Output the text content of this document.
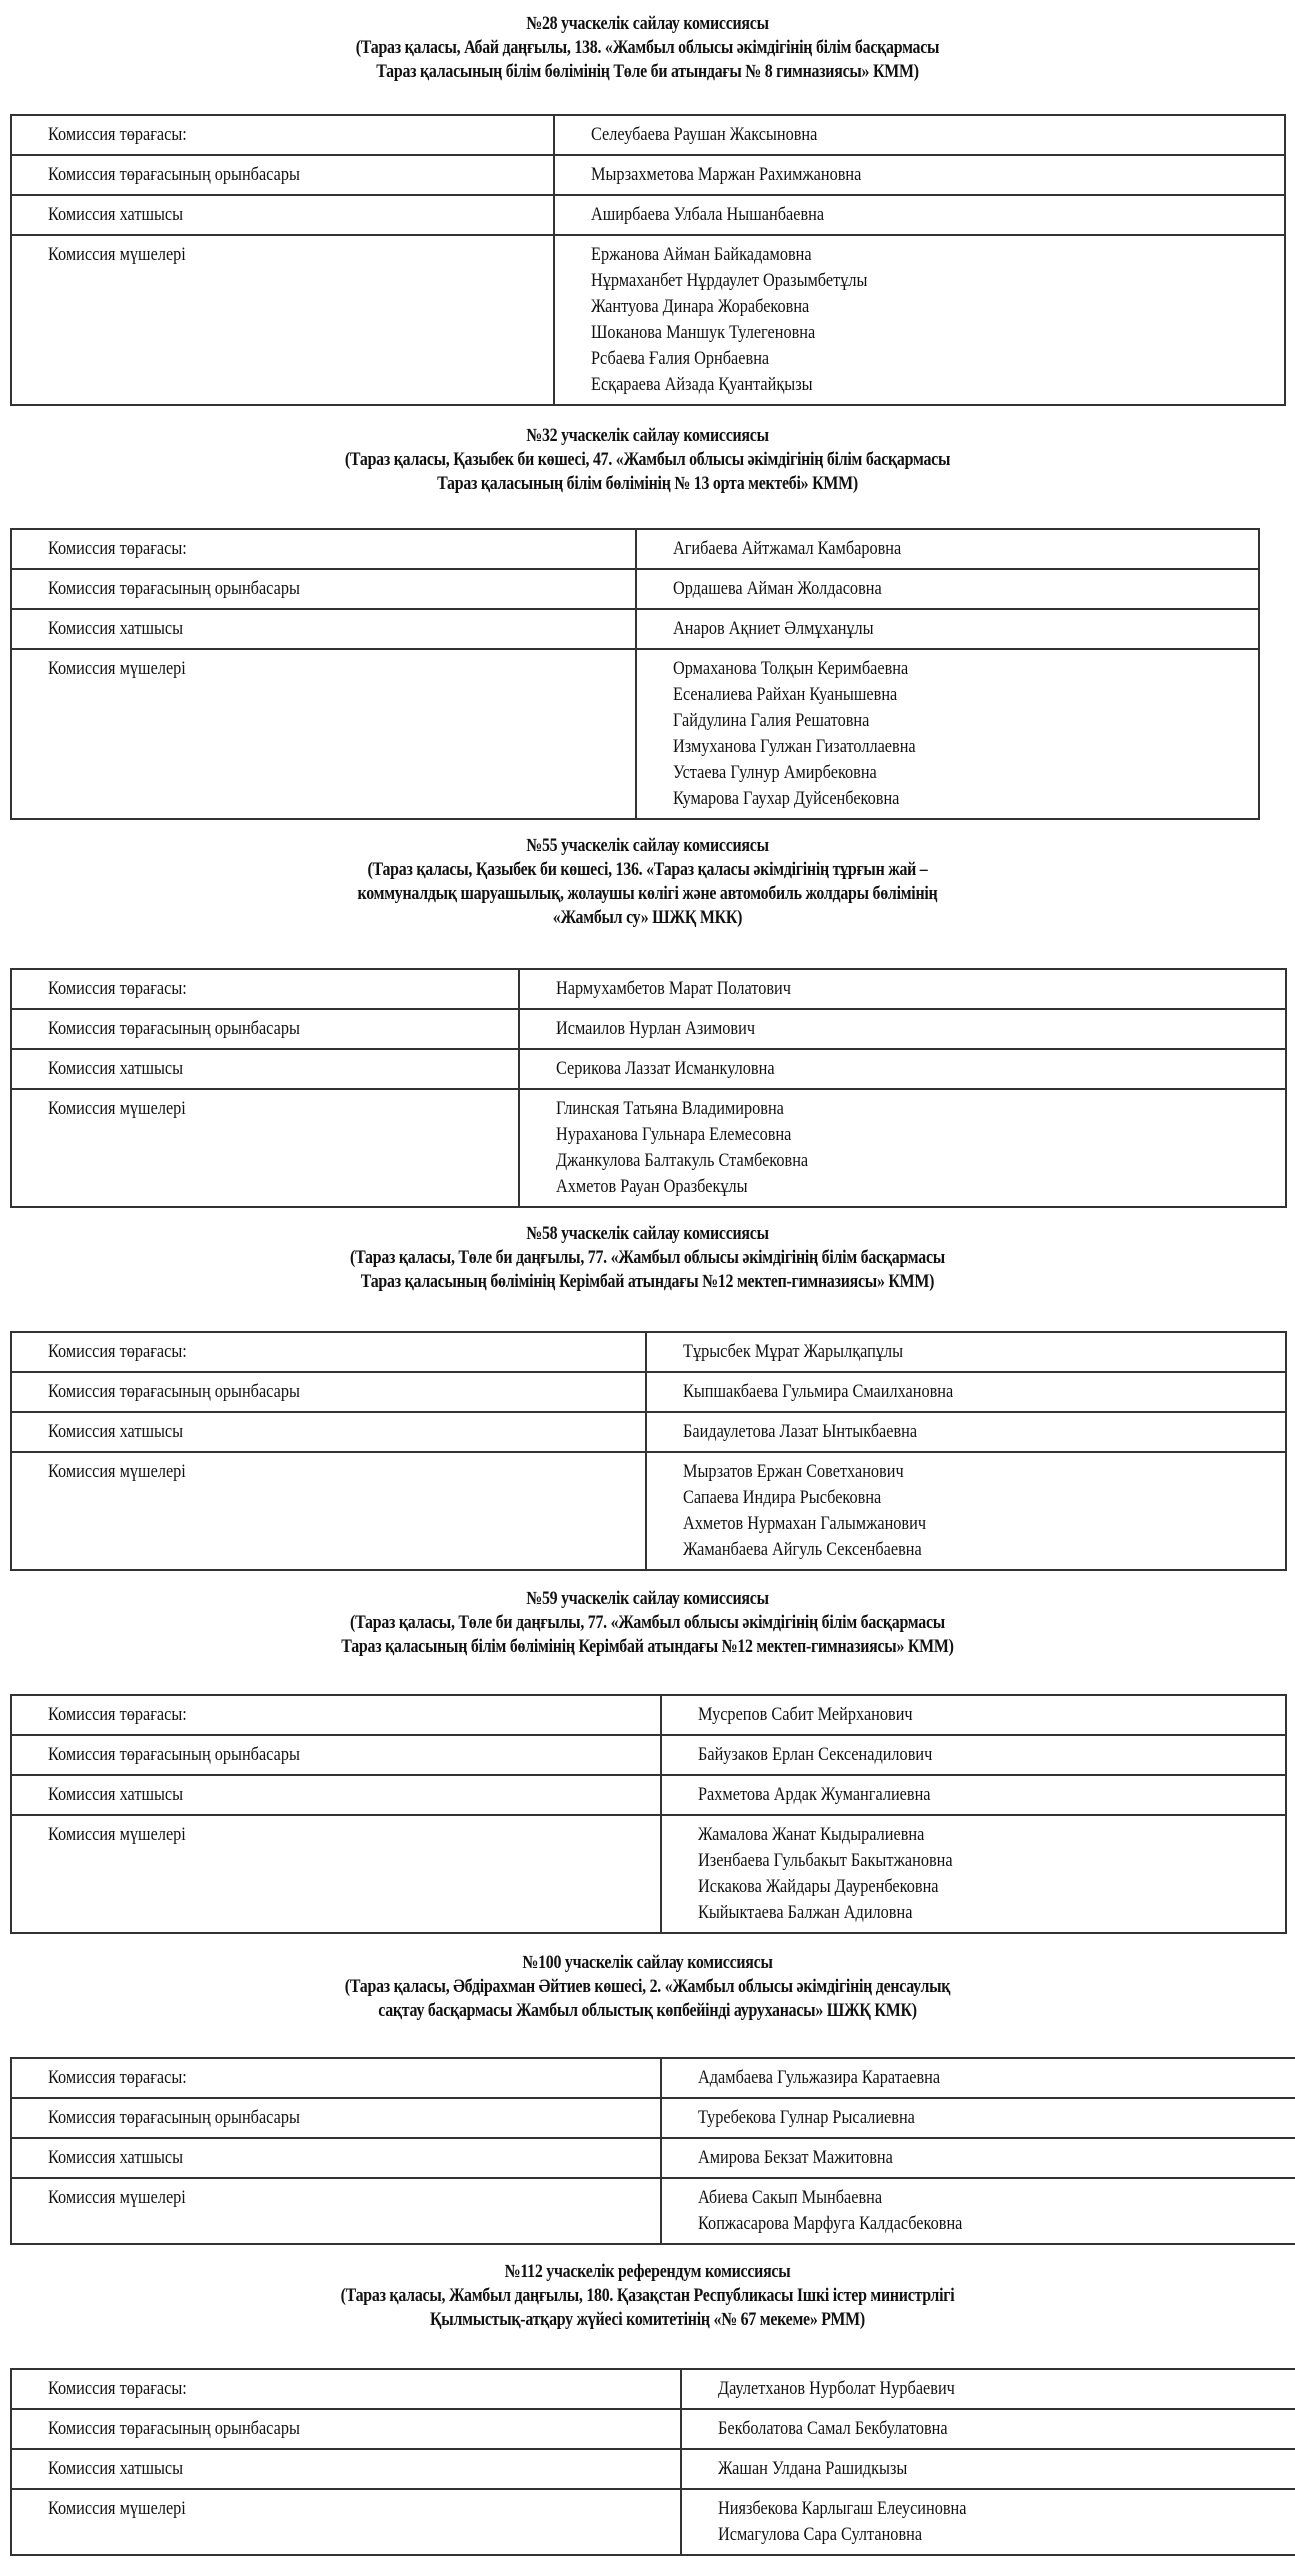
№28 учаскелік сайлау комиссиясы
(Тараз қаласы, Абай даңғылы, 138. «Жамбыл облысы әкімдігінің білім басқармасы
Тараз қаласының білім бөлімінің Төле би атындағы № 8 гимназиясы» КММ)
Комиссия төрағасы:	Селеубаева Раушан Жаксыновна
Комиссия төрағасының орынбасары	Мырзахметова Маржан Рахимжановна
Комиссия хатшысы	Аширбаева Улбала Нышанбаевна
Комиссия мүшелері	Ержанова Айман Байкадамовна
Нұрмаханбет Нұрдаулет Оразымбетұлы
Жантуова Динара Жорабековна
Шоканова Маншук Тулегеновна
Рсбаева Ғалия Орнбаевна
Есқараева Айзада Қуантайқызы
№32 учаскелік сайлау комиссиясы
(Тараз қаласы, Қазыбек би көшесі, 47. «Жамбыл облысы әкімдігінің білім басқармасы
Тараз қаласының білім бөлімінің № 13 орта мектебі» КММ)
Комиссия төрағасы:	Агибаева Айтжамал Камбаровна
Комиссия төрағасының орынбасары	Ордашева Айман Жолдасовна
Комиссия хатшысы	Анаров Ақниет Әлмұханұлы
Комиссия мүшелері	Ормаханова Толқын Керимбаевна
Есеналиева Райхан Куанышевна
Гайдулина Галия Решатовна
Измуханова Гулжан Гизатоллаевна
Устаева Гулнур Амирбековна
Кумарова Гаухар Дуйсенбековна
№55 учаскелік сайлау комиссиясы
(Тараз қаласы, Қазыбек би көшесі, 136. «Тараз қаласы әкімдігінің тұрғын жай –
коммуналдық шаруашылық, жолаушы көлігі және автомобиль жолдары бөлімінің
«Жамбыл су» ШЖҚ МКК)
Комиссия төрағасы:	Нармухамбетов Марат Полатович
Комиссия төрағасының орынбасары	Исмаилов Нурлан Азимович
Комиссия хатшысы	Серикова Лаззат Исманкуловна
Комиссия мүшелері	Глинская Татьяна Владимировна
Нураханова Гульнара Елемесовна
Джанкулова Балтакуль Стамбековна
Ахметов Рауан Оразбекұлы
№58 учаскелік сайлау комиссиясы
(Тараз қаласы, Төле би даңғылы, 77. «Жамбыл облысы әкімдігінің білім басқармасы
Тараз қаласының бөлімінің Керімбай атындағы №12 мектеп-гимназиясы» КММ)
Комиссия төрағасы:	Тұрысбек Мұрат Жарылқапұлы
Комиссия төрағасының орынбасары	Кыпшакбаева Гульмира Смаилхановна
Комиссия хатшысы	Баидаулетова Лазат Ынтыкбаевна
Комиссия мүшелері	Мырзатов Ержан Советханович
Сапаева Индира Рысбековна
Ахметов Нурмахан Галымжанович
Жаманбаева Айгуль Сексенбаевна
№59 учаскелік сайлау комиссиясы
(Тараз қаласы, Төле би даңғылы, 77. «Жамбыл облысы әкімдігінің білім басқармасы
Тараз қаласының білім бөлімінің Керімбай атындағы №12 мектеп-гимназиясы» КММ)
Комиссия төрағасы:	Мусрепов Сабит Мейрханович
Комиссия төрағасының орынбасары	Байузаков Ерлан Сексенадилович
Комиссия хатшысы	Рахметова Ардак Жумангалиевна
Комиссия мүшелері	Жамалова Жанат Кыдыралиевна
Изенбаева Гульбакыт Бакытжановна
Искакова Жайдары Дауренбековна
Кыйыктаева Балжан Адиловна
№100 учаскелік сайлау комиссиясы
(Тараз қаласы, Әбдірахман Әйтиев көшесі, 2. «Жамбыл облысы әкімдігінің денсаулық
сақтау басқармасы Жамбыл облыстық көпбейінді ауруханасы» ШЖҚ КМК)
Комиссия төрағасы:	Адамбаева Гульжазира Каратаевна
Комиссия төрағасының орынбасары	Туребекова Гулнар Рысалиевна
Комиссия хатшысы	Амирова Бекзат Мажитовна
Комиссия мүшелері	Абиева Сакып Мынбаевна
Копжасарова Марфуга Калдасбековна
№112 учаскелік референдум комиссиясы
(Тараз қаласы, Жамбыл даңғылы, 180. Қазақстан Республикасы Ішкі істер министрлігі
Қылмыстық-атқару жүйесі комитетінің «№ 67 мекеме» РММ)
Комиссия төрағасы:	Даулетханов Нурболат Нурбаевич
Комиссия төрағасының орынбасары	Бекболатова Самал Бекбулатовна
Комиссия хатшысы	Жашан Улдана Рашидкызы
Комиссия мүшелері	Ниязбекова Карлыгаш Елеусиновна
Исмагулова Сара Султановна
